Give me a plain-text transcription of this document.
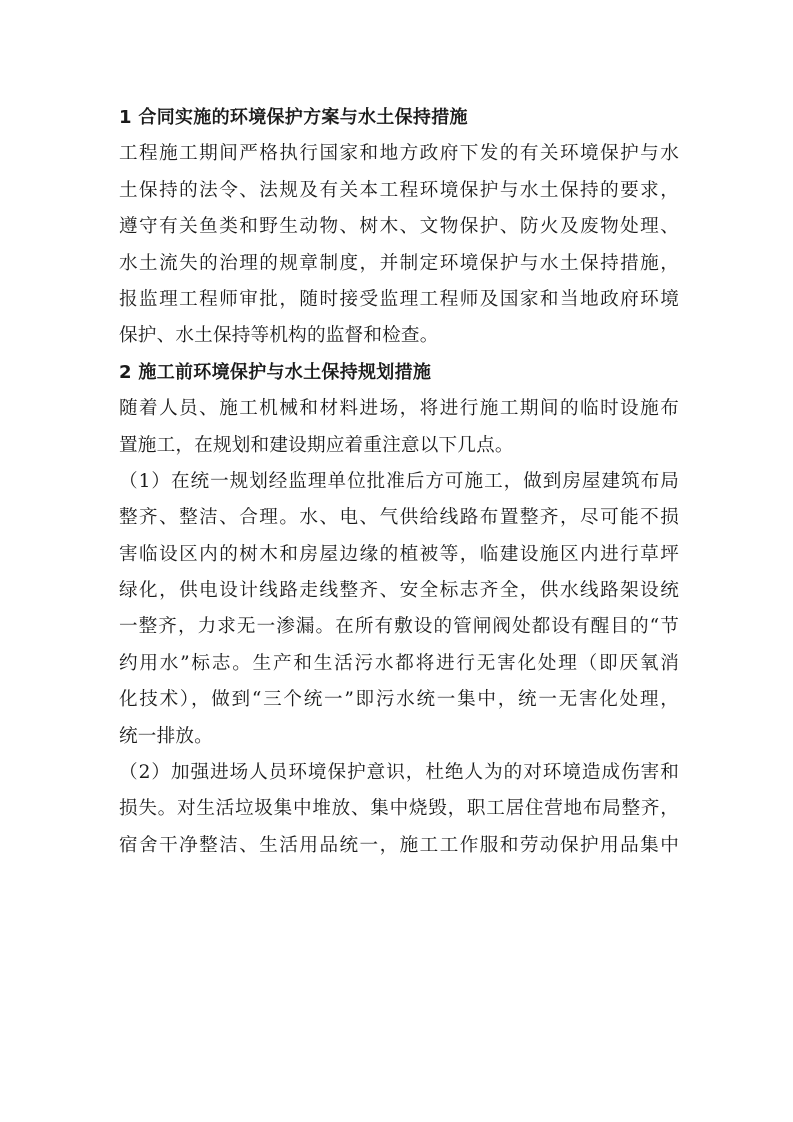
1 合同实施的环境保护方案与水土保持措施
工程施工期间严格执行国家和地方政府下发的有关环境保护与水
土保持的法令、法规及有关本工程环境保护与水土保持的要求，
遵守有关鱼类和野生动物、树木、文物保护、防火及废物处理、
水土流失的治理的规章制度，并制定环境保护与水土保持措施，
报监理工程师审批，随时接受监理工程师及国家和当地政府环境
保护、水土保持等机构的监督和检查。
2 施工前环境保护与水土保持规划措施
随着人员、施工机械和材料进场，将进行施工期间的临时设施布
置施工，在规划和建设期应着重注意以下几点。
（1）在统一规划经监理单位批准后方可施工，做到房屋建筑布局
整齐、整洁、合理。水、电、气供给线路布置整齐，尽可能不损
害临设区内的树木和房屋边缘的植被等，临建设施区内进行草坪
绿化，供电设计线路走线整齐、安全标志齐全，供水线路架设统
一整齐，力求无一渗漏。在所有敷设的管闸阀处都设有醒目的“节
约用水”标志。生产和生活污水都将进行无害化处理（即厌氧消
化技术），做到“三个统一”即污水统一集中，统一无害化处理，
统一排放。
（2）加强进场人员环境保护意识，杜绝人为的对环境造成伤害和
损失。对生活垃圾集中堆放、集中烧毁，职工居住营地布局整齐，
宿舍干净整洁、生活用品统一，施工工作服和劳动保护用品集中
